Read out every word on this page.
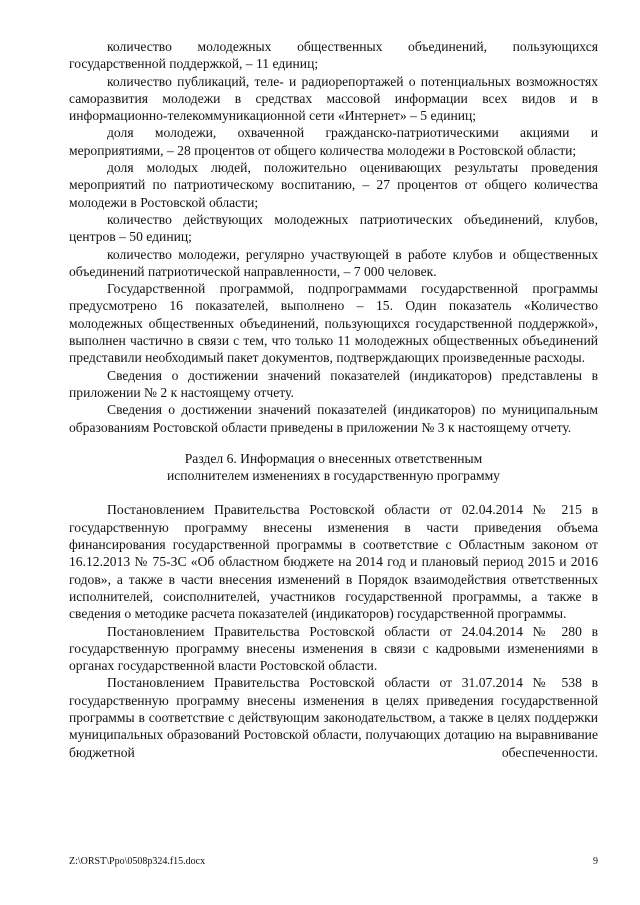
количество молодежных общественных объединений, пользующихся государственной поддержкой, – 11 единиц;

количество публикаций, теле- и радиорепортажей о потенциальных возможностях саморазвития молодежи в средствах массовой информации всех видов и в информационно-телекоммуникационной сети «Интернет» – 5 единиц;

доля молодежи, охваченной гражданско-патриотическими акциями и мероприятиями, – 28 процентов от общего количества молодежи в Ростовской области;

доля молодых людей, положительно оценивающих результаты проведения мероприятий по патриотическому воспитанию, – 27 процентов от общего количества молодежи в Ростовской области;

количество действующих молодежных патриотических объединений, клубов, центров – 50 единиц;

количество молодежи, регулярно участвующей в работе клубов и общественных объединений патриотической направленности, – 7 000 человек.

Государственной программой, подпрограммами государственной программы предусмотрено 16 показателей, выполнено – 15. Один показатель «Количество молодежных общественных объединений, пользующихся государственной поддержкой», выполнен частично в связи с тем, что только 11 молодежных общественных объединений представили необходимый пакет документов, подтверждающих произведенные расходы.

Сведения о достижении значений показателей (индикаторов) представлены в приложении № 2 к настоящему отчету.

Сведения о достижении значений показателей (индикаторов) по муниципальным образованиям Ростовской области приведены в приложении № 3 к настоящему отчету.

Раздел 6. Информация о внесенных ответственным
исполнителем изменениях в государственную программу

Постановлением Правительства Ростовской области от 02.04.2014 № 215 в государственную программу внесены изменения в части приведения объема финансирования государственной программы в соответствие с Областным законом от 16.12.2013 № 75-ЗС «Об областном бюджете на 2014 год и плановый период 2015 и 2016 годов», а также в части внесения изменений в Порядок взаимодействия ответственных исполнителей, соисполнителей, участников государственной программы, а также в сведения о методике расчета показателей (индикаторов) государственной программы.

Постановлением Правительства Ростовской области от 24.04.2014 № 280 в государственную программу внесены изменения в связи с кадровыми изменениями в органах государственной власти Ростовской области.

Постановлением Правительства Ростовской области от 31.07.2014 № 538 в государственную программу внесены изменения в целях приведения государственной программы в соответствие с действующим законодательством, а также в целях поддержки муниципальных образований Ростовской области, получающих дотацию на выравнивание бюджетной обеспеченности.

Z:\ORST\Ppo\0508p324.f15.docx	9
